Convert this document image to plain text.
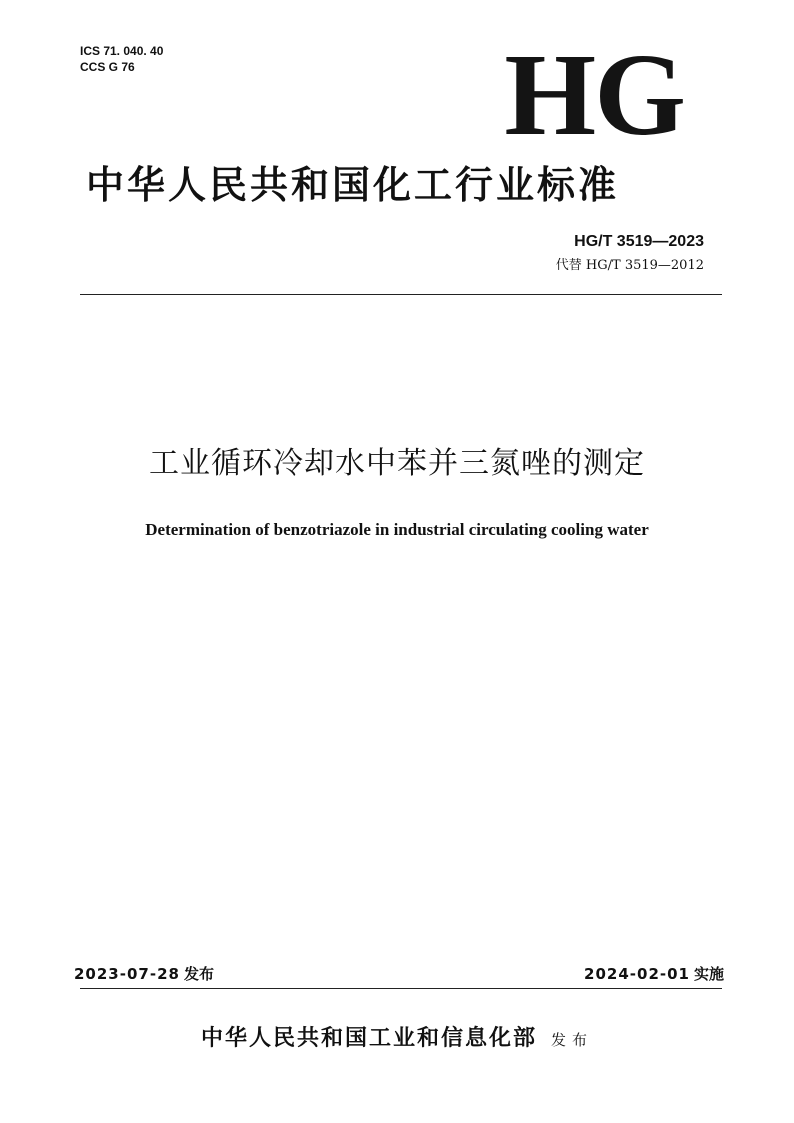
ICS 71. 040. 40
CCS G 76	HG
中华人民共和国化工行业标准
HG/T 3519—2023
代替 HG/T 3519—2012
工业循环冷却水中苯并三氮唑的测定
Determination of benzotriazole in industrial circulating cooling water
2023-07-28 发布	2024-02-01 实施
中华人民共和国工业和信息化部 发布
